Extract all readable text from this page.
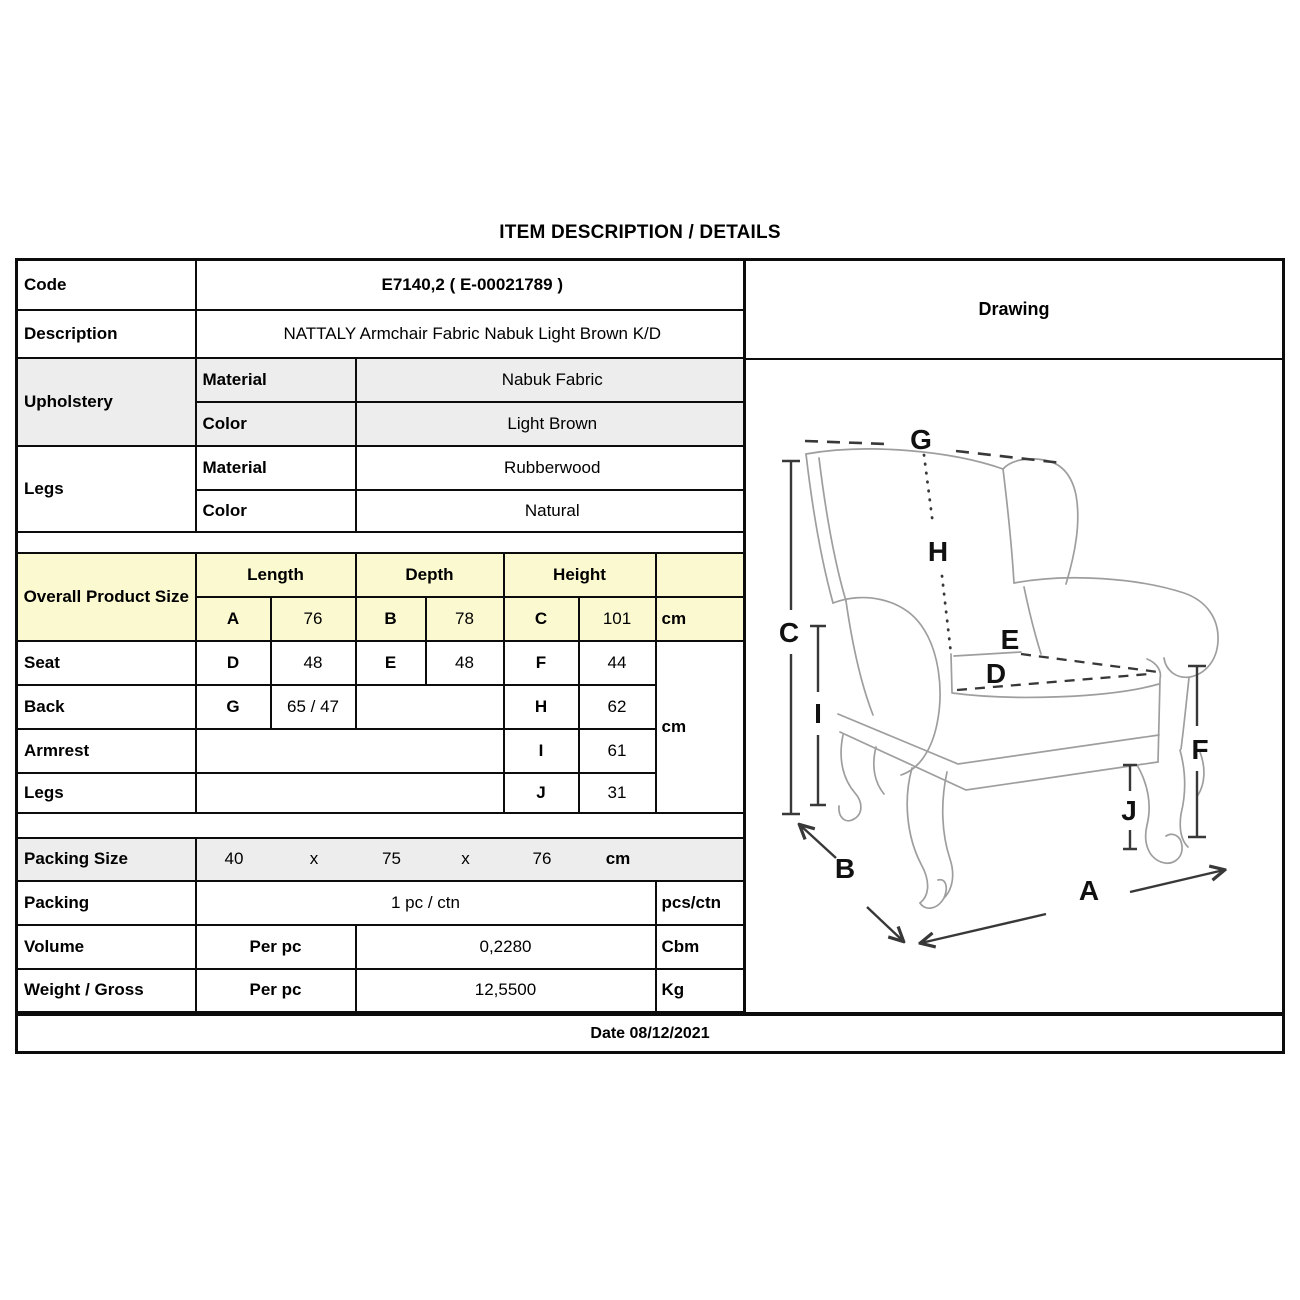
ITEM DESCRIPTION / DETAILS
Code	E7140,2 ( E-00021789 )						
Description	NATTALY Armchair Fabric Nabuk Light Brown K/D						
Upholstery	Material		Nabuk Fabric				
	Color		Light Brown				
Legs	Material		Rubberwood				
	Color		Natural				

Overall Product Size	Length		Depth		Height		
	A	76	B	78	C	101	cm
Seat	D	48	E	48	F	44	cm
Back	G	65 / 47			H	62	
Armrest					I	61	
Legs					J	31	

Packing Size	40	x	75	x	76	cm

Packing	1 pc / ctn						pcs/ctn
Volume	Per pc		0,2280				Cbm
Weight / Gross	Per pc		12,5500				Kg
Drawing
G
H
C
I
E
D
F
J
B
A
Date 08/12/2021
